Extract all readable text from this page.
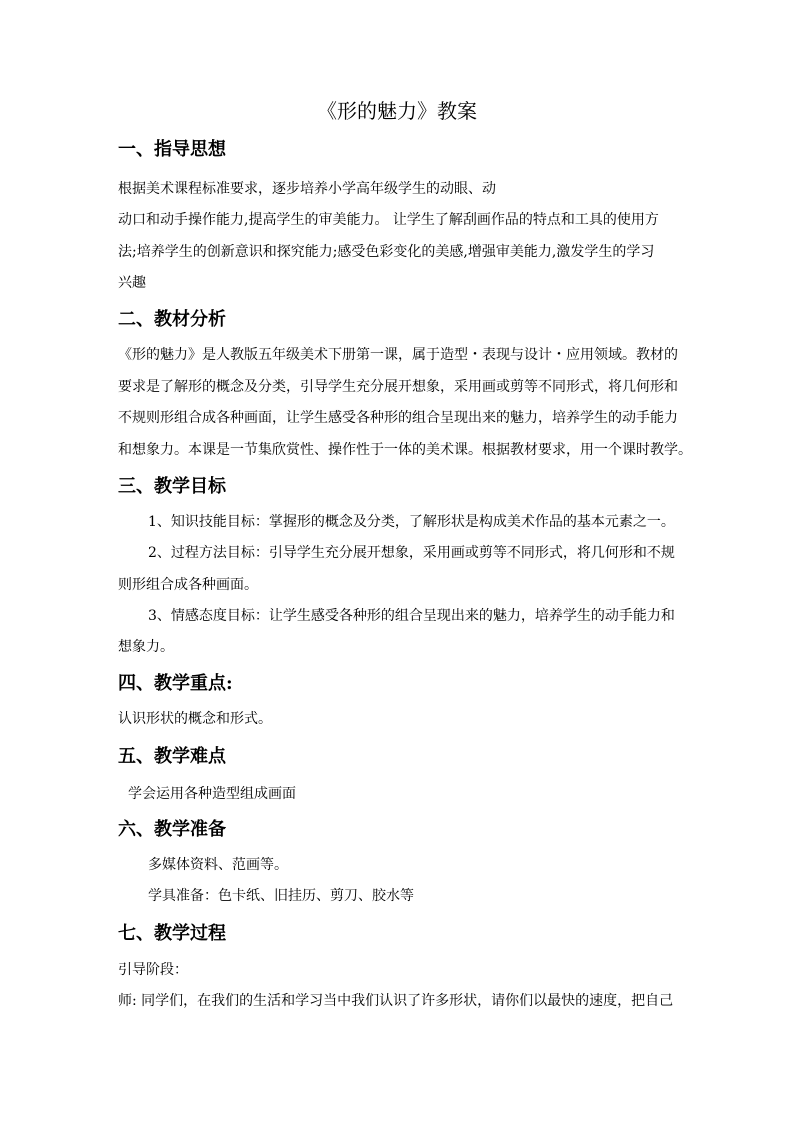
《形的魅力》教案
一、指导思想
根据美术课程标准要求，逐步培养小学高年级学生的动眼、动
动口和动手操作能力,提高学生的审美能力。 让学生了解刮画作品的特点和工具的使用方
法;培养学生的创新意识和探究能力;感受色彩变化的美感,增强审美能力,激发学生的学习
兴趣
二、教材分析
《形的魅力》是人教版五年级美术下册第一课，属于造型・表现与设计・应用领域。教材的
要求是了解形的概念及分类，引导学生充分展开想象，采用画或剪等不同形式，将几何形和
不规则形组合成各种画面，让学生感受各种形的组合呈现出来的魅力，培养学生的动手能力
和想象力。本课是一节集欣赏性、操作性于一体的美术课。根据教材要求，用一个课时教学。
三、教学目标
1、知识技能目标：掌握形的概念及分类，了解形状是构成美术作品的基本元素之一。
2、过程方法目标：引导学生充分展开想象，采用画或剪等不同形式，将几何形和不规
则形组合成各种画面。
3、情感态度目标：让学生感受各种形的组合呈现出来的魅力，培养学生的动手能力和
想象力。
四、教学重点:
认识形状的概念和形式。
五、教学难点
学会运用各种造型组成画面
六、教学准备
多媒体资料、范画等。
学具准备：色卡纸、旧挂历、剪刀、胶水等
七、教学过程
引导阶段：
师: 同学们，在我们的生活和学习当中我们认识了许多形状，请你们以最快的速度，把自己
